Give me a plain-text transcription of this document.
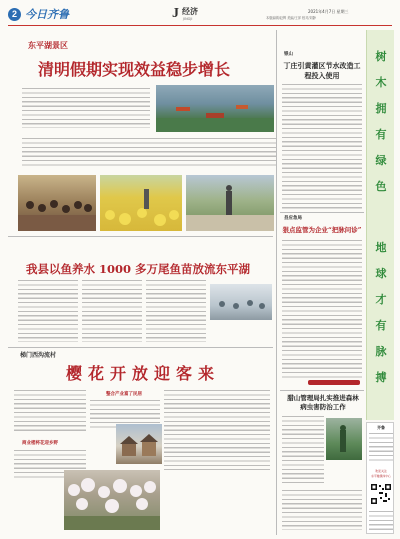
2 今日齐鲁	J 经济
JINGJI
2021年4月7日 星期三
本版编辑/赵辉 美编/王萍 校对/刘静
东平湖景区
清明假期实现效益稳步增长
我县以鱼养水 1000 多万尾鱼苗放流东平湖
梯门西沟流村
樱花开放迎客来
商业楼将花迎乡野
整合产业富了民居
银山
丁庄引黄灌区节水改造工程投入使用
县应急局
狠点监管为企业“把脉问诊”
腊山管理局扎实推进森林病虫害防治工作
树木拥有绿色
地球才有脉搏
齐鲁
欢迎关注
东平融媒体中心
